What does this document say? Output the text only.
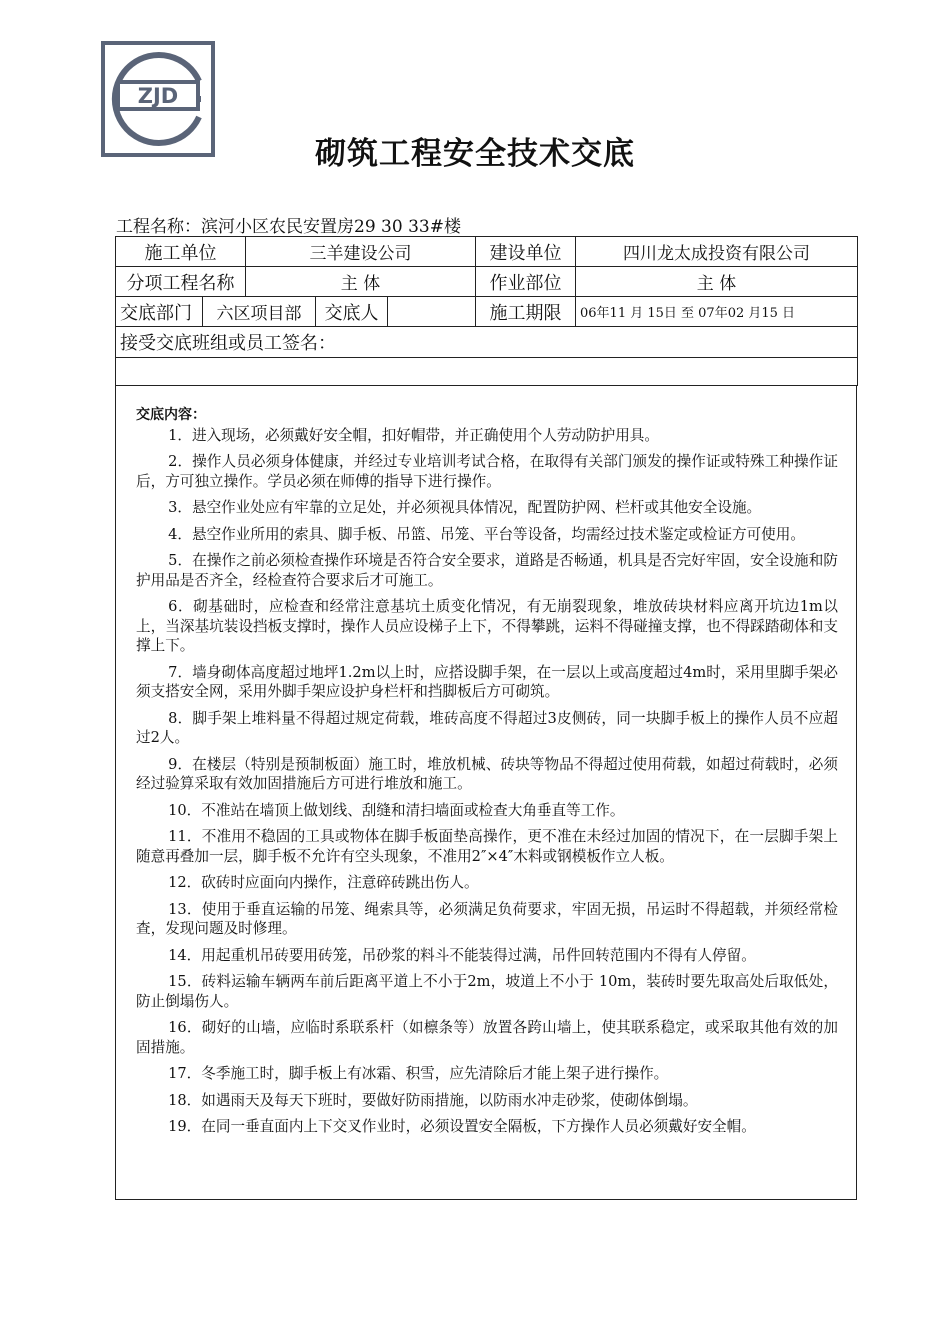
ZJD
砌筑工程安全技术交底
工程名称：滨河小区农民安置房29 30 33#楼
施工单位		三羊建设公司			建设单位	四川龙太成投资有限公司
分项工程名称		主 体			作业部位	主 体
交底部门	六区项目部		交底人		施工期限	06年11 月 15日 至 07年02 月15 日
接受交底班组或员工签名：						

交底内容：

1．进入现场，必须戴好安全帽，扣好帽带，并正确使用个人劳动防护用具。

2．操作人员必须身体健康，并经过专业培训考试合格，在取得有关部门颁发的操作证或特殊工种操作证后，方可独立操作。学员必须在师傅的指导下进行操作。

3．悬空作业处应有牢靠的立足处，并必须视具体情况，配置防护网、栏杆或其他安全设施。

4．悬空作业所用的索具、脚手板、吊篮、吊笼、平台等设备，均需经过技术鉴定或检证方可使用。

5．在操作之前必须检查操作环境是否符合安全要求，道路是否畅通，机具是否完好牢固，安全设施和防护用品是否齐全，经检查符合要求后才可施工。

6．砌基础时，应检查和经常注意基坑土质变化情况，有无崩裂现象，堆放砖块材料应离开坑边1m以上，当深基坑装设挡板支撑时，操作人员应设梯子上下，不得攀跳，运料不得碰撞支撑，也不得踩踏砌体和支撑上下。

7．墙身砌体高度超过地坪1.2m以上时，应搭设脚手架，在一层以上或高度超过4m时，采用里脚手架必须支搭安全网，采用外脚手架应设护身栏杆和挡脚板后方可砌筑。

8．脚手架上堆料量不得超过规定荷载，堆砖高度不得超过3皮侧砖，同一块脚手板上的操作人员不应超过2人。

9．在楼层（特别是预制板面）施工时，堆放机械、砖块等物品不得超过使用荷载，如超过荷载时，必须经过验算采取有效加固措施后方可进行堆放和施工。

10．不准站在墙顶上做划线、刮缝和清扫墙面或检查大角垂直等工作。

11．不准用不稳固的工具或物体在脚手板面垫高操作，更不准在未经过加固的情况下，在一层脚手架上随意再叠加一层，脚手板不允许有空头现象，不准用2″×4″木料或钢模板作立人板。

12．砍砖时应面向内操作，注意碎砖跳出伤人。

13．使用于垂直运输的吊笼、绳索具等，必须满足负荷要求，牢固无损，吊运时不得超载，并须经常检查，发现问题及时修理。

14．用起重机吊砖要用砖笼，吊砂浆的料斗不能装得过满，吊件回转范围内不得有人停留。

15．砖料运输车辆两车前后距离平道上不小于2m，坡道上不小于 10m，装砖时要先取高处后取低处，防止倒塌伤人。

16．砌好的山墙，应临时系联系杆（如檩条等）放置各跨山墙上，使其联系稳定，或采取其他有效的加固措施。

17．冬季施工时，脚手板上有冰霜、积雪，应先清除后才能上架子进行操作。

18．如遇雨天及每天下班时，要做好防雨措施，以防雨水冲走砂浆，使砌体倒塌。

19．在同一垂直面内上下交叉作业时，必须设置安全隔板，下方操作人员必须戴好安全帽。
